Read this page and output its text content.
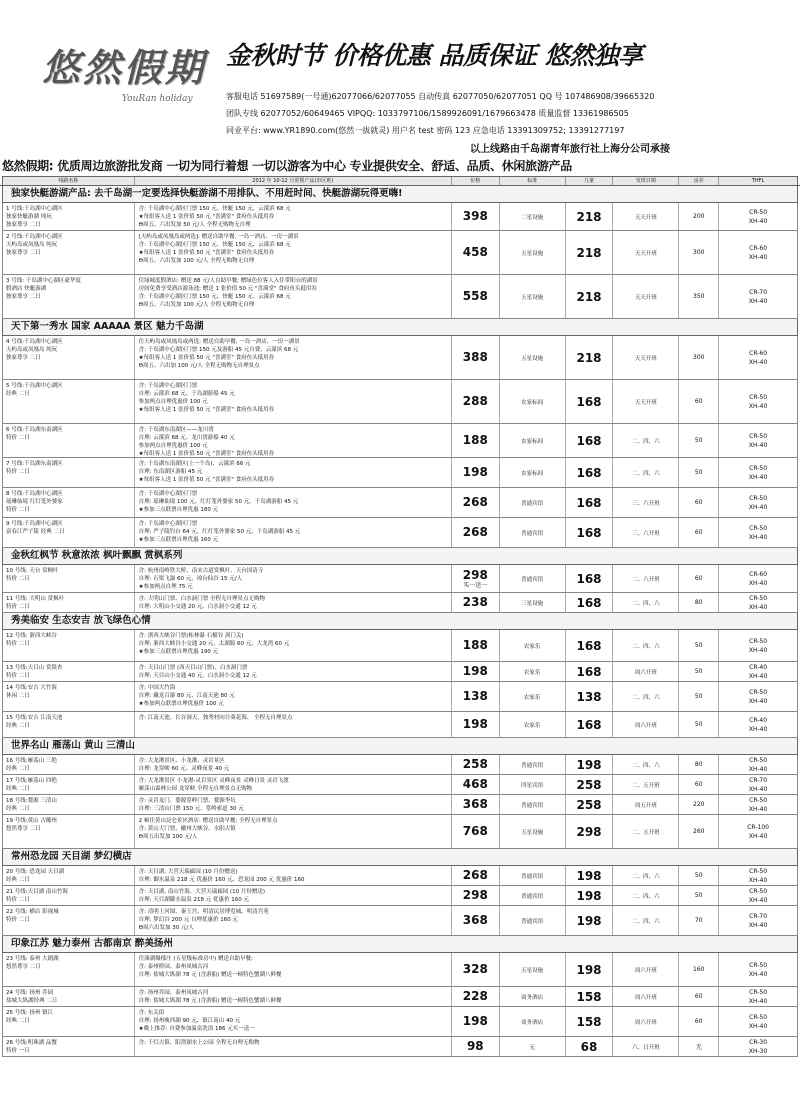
悠然假期
YouRan holiday
金秋时节 价格优惠 品质保证 悠然独享
客服电话 51697589(一号通)62077066/62077055 自动传真 62077050/62077051 QQ 号 107486908/39665320
团队专线 62077052/60649465 VIPQQ: 1033797106/1589926091/1679663478 质量监督 13361986505
同业平台: www.YR1890.com(悠然一拔就灵) 用户名 test 密码 123 应急电话 13391309752; 13391277197
以上线路由千岛湖青年旅行社上海分公司承接
悠然假期: 优质周边旅游批发商 一切为同行着想 一切以游客为中心 专业提供安全、舒适、品质、休闲旅游产品
线路名称	2012 年 10-12 月常规产品(市区班)	价格	标准	儿童	发班日期	房差	THFL
独家快艇游湖产品: 去千岛湖一定要选择快艇游湖不用排队、不用赶时间、快艇游湖玩得更嗨!
1 号线:千岛湖中心湖区
独家快艇游湖 纯玩
独家尊享 二日
含: 千岛湖中心湖区门票 150 元、快艇 150 元、云濛滨 68 元
★每组客人送 1 张价值 50 元 "喜满堂" 食府鱼头抵用券
Ɵ周五、六出发加 50 元/人 全程无购物无自理
398	二星设施	218	天天开班	200
CR-50
XH-40
2 号线:千岛湖中心湖区
天屿岛或凤凰岛 纯玩
独家尊享 二日
[天屿岛或凤凰岛或两选]: 赠送自助早餐, 一岛一酒店、一房一湖景
含: 千岛湖中心湖区门票 150 元、快艇 150 元、云濛滨 68 元
★每组客人送 1 张价值 50 元 "喜满堂" 食府鱼头抵用券
Ɵ周五、六出发加 100 元/人 全程无购物无自理
458	五星设施	218	天天开班	300
CR-60
XH-40
3 号线: 千岛湖中心湖区豪华度
假酒店 快艇游湖
独家尊享 二日
住绿城度假酒店: 赠送 88 元/人自助早餐; 赠绿色位客人入住带阳台的湖景
房间免费享受酒店游泳池; 赠送 1 张价值 50 元 "喜满堂" 食府鱼头抵用券
含: 千岛湖中心湖区门票 150 元、快艇 150 元、云濛滨 68 元
Ɵ周五、六出发加 100 元/人 全程无购物无自理
558	五星设施	218	天天开班	350
CR-70
XH-40
天下第一秀水 国家 AAAAA 景区 魅力千岛湖
4 号线:千岛湖中心湖区
天屿岛或凤凰岛 纯玩
独家尊享 二日
住天屿岛或凤凰岛或两选: 赠送自助早餐, 一岛一酒店、一房一湖景
含: 千岛湖中心湖区门票 150 元及游船 45 元自费、云濛滨 68 元
★每组客人送 1 张价值 50 元 "喜满堂" 食府鱼头抵用券
Ɵ周五、六出加 100 元/人 全程无购物无自理景点
388	五星设施	218	天天开班	300
CR-60
XH-40
5 号线:千岛湖中心湖区
经典 二日
含: 千岛湖中心湖区门票
自理: 云濛滨 68 元、千岛湖游船 45 元
参加两点自理优惠价 100 元
★每组客人送 1 张价值 50 元 "喜满堂" 食府鱼头抵用券
288	农家标间	168	天天开班	60
CR-50
XH-40
6 号线:千岛湖东南湖区
特价 二日
含: 千岛湖东南湖区——龙川湾
自理: 云濛滨 68 元、龙川湾游船 40 元
参加两点自理优惠价 100 元
★每组客人送 1 张价值 50 元 "喜满堂" 食府鱼头抵用券
188	农家标间	168	二、四、六	50
CR-50
XH-40
7 号线:千岛湖东南湖区
特价 二日
含: 千岛湖东南湖区(上一个岛)、云濛滨 66 元
自理: 东南湖区游船 45 元
★每组客人送 1 张价值 50 元 "喜满堂" 食府鱼头抵用券
198	农家标间	168	二、四、六	50
CR-50
XH-40
8 号线:千岛湖中心湖区
瑶琳仙境 红灯笼外婆家
特价 二日
含: 千岛湖中心湖区门票
自理: 瑶琳仙境 100 元、红灯笼外婆家 50 元、千岛湖游船 45 元
★参加三点联票自理优惠 180 元
268	普通宾馆	168	三、六开班	60
CR-50
XH-40
9 号线:千岛湖中心湖区
富春江严子陵 经典 二日
含: 千岛湖中心湖区门票
自理: 严子陵钓台 64 元、红灯笼外婆家 50 元、千岛湖游船 45 元
★参加三点联票自理优惠 160 元
268	普通宾馆	168	三、六开班	60
CR-50
XH-40
金秋红枫节 秋意浓浓 枫叶飘飘 赏枫系列
10 号线: 天台 赏枫叶
特价 二日
含: 杭州南岭铁大桥、南宋古道赏枫叶、天台国清寺
自理: 石梁飞瀑 60 元、琼台仙谷 15 元/人
★参加两点自理 75 元
298
买一送一
普通宾馆	168	二、六开班	60
CR-60
XH-40
11 号线: 大明山 赏枫叶
特价 二日
含: 大明山门票、白水洞门票 全程无自理景点无购物
自理: 大明山小交通 20 元、白水洞小交通 12 元	238	三星设施	168	二、四、六	80
CR-50
XH-40
秀美临安 生态安吉 放飞绿色心情
12 号线: 浙西大峡谷
特价 二日
含: 浙西大峡谷门票(柘林瀑 石榴谷 剑门关)
自理: 浙西大峡谷小交通 20 元、太湖源 60 元、大龙湾 60 元
★参加三点联票自理优惠 190 元	188	农家乐	168	二、四、六	50
CR-50
XH-40
13 号线:天目山 赏银杏
特价 二日
含: 天目山门票 (西天目山门票)、白水洞门票
自理: 天目山小交通 40 元、白水洞小交通 12 元	198	农家乐	168	周六开班	50
CR-40
XH-40
14 号线:安吉 大竹海
休闲 二日
含: 中国大竹海
自理: 藏龙百瀑 80 元、江南天池 80 元
★参加两点联票自理优惠价 100 元
138	农家乐	138	二、四、六	50
CR-50
XH-40
15 号线:安吉 江南天池
经典 二日
含: 江南天池、长谷洞天、独秀村向日葵花海、 全程无自理景点	198	农家乐	168	周六开班	50
CR-40
XH-40
世界名山 雁荡山 黄山 三清山
16 号线:雁荡山 三绝
经典 二日
含: 大龙湫景区、小龙湫、灵岩景区
自理: 龙穿峡 60 元、灵峰夜景 40 元	258	普通宾馆	198	二、四、六	80
CR-50
XH-40
17 号线:雁荡山 四绝
经典 二日
含: 大龙湫景区 小龙湫-灵岩景区 灵峰夜景 灵峰日景 灵岩飞渡
雁荡山森林公园 龙穿峡 全程无自理景点无购物	468	四星宾馆	258	二、五开班	60
CR-70
XH-40
18 号线:婺源 三清山
经典 二日
含: 灵岩龙门、婺源篁岭门票、婺源李坑
自理: 三清山门票 150 元、篁岭索道 30 元	368	普通宾馆	258	周五开班	220
CR-50
XH-40
19 号线:黄山 古徽州
悠然尊享 二日
2 顿住黄山昆仑景区酒店: 赠送自助早餐; 全程无自理景点
含: 黄山大门票、徽州大峡谷、水阳古镇
Ɵ周五出发加 100 元/人	768	五星设施	298	二、五开班	260
CR-100
XH-40
常州恐龙园 天目湖 梦幻横店
20 号线: 恐龙园 天目湖
经典 二日
含: 天目湖, 大营天瑞廊园 (10 月份赠送)
自理: 御水温泉 218 元 优惠价 160 元、恐龙园 200 元 优惠价 160	268	普通宾馆	198	二、四、六	50
CR-50
XH-40
21 号线:天目湖 南山竹海
特价 二日
含: 天目湖, 南山竹海、大营天瑞廊园 (10 月份赠送)
自理: 天目湖御水温泉 218 元 优惠价 160 元	298	普通宾馆	198	二、四、六	50
CR-50
XH-40
22 号线: 横店 影视城
特价 二日
含: 清明上河图、秦王宫、明清民居博览城、明清宫苑
自理: 梦幻谷 200 元 自理优惠价 160 元
Ɵ周六出发加 30 元/人
368	普通宾馆	198	二、四、六	70
CR-70
XH-40
印象江苏 魅力泰州 古都南京 醉美扬州
23 号线: 泰州 大剧湖
悠然尊享 二日
住溱湖爆郁庄 (五星级标准房中) 赠送自助早餐;
含: 泰州桥园、泰州凤城古河
自理: 盐城大纵湖 78 元 (含游船) 赠送一顿特色蟹湖八鲜餐	328	五星设施	198	周六开班	160
CR-50
XH-40
24 号线: 扬州 乔园
盐城大纵湖经典 二日
含: 扬州乔园、泰州凤城古河
自理: 盐城大纵湖 78 元 (含游船) 赠送一顿特色蟹湖八鲜餐	228	商务酒店	158	周六开班	60
CR-50
XH-40
25 号线: 扬州 镇江
经典 二日
含: 东关街
自理: 扬州瘦西湖 90 元、镇江南山 40 元
★晚上推荐: 自费参加温泉洗浴 186 元买一送一
198	商务酒店	158	周六开班	60
CR-50
XH-40
26 号线:明珠湖 品蟹
特价 一日
含: 千灯古镇、阳澄湖水上公园 全程无自理无购物	98	无	68	六、日开班	无
CR-30
XH-30
